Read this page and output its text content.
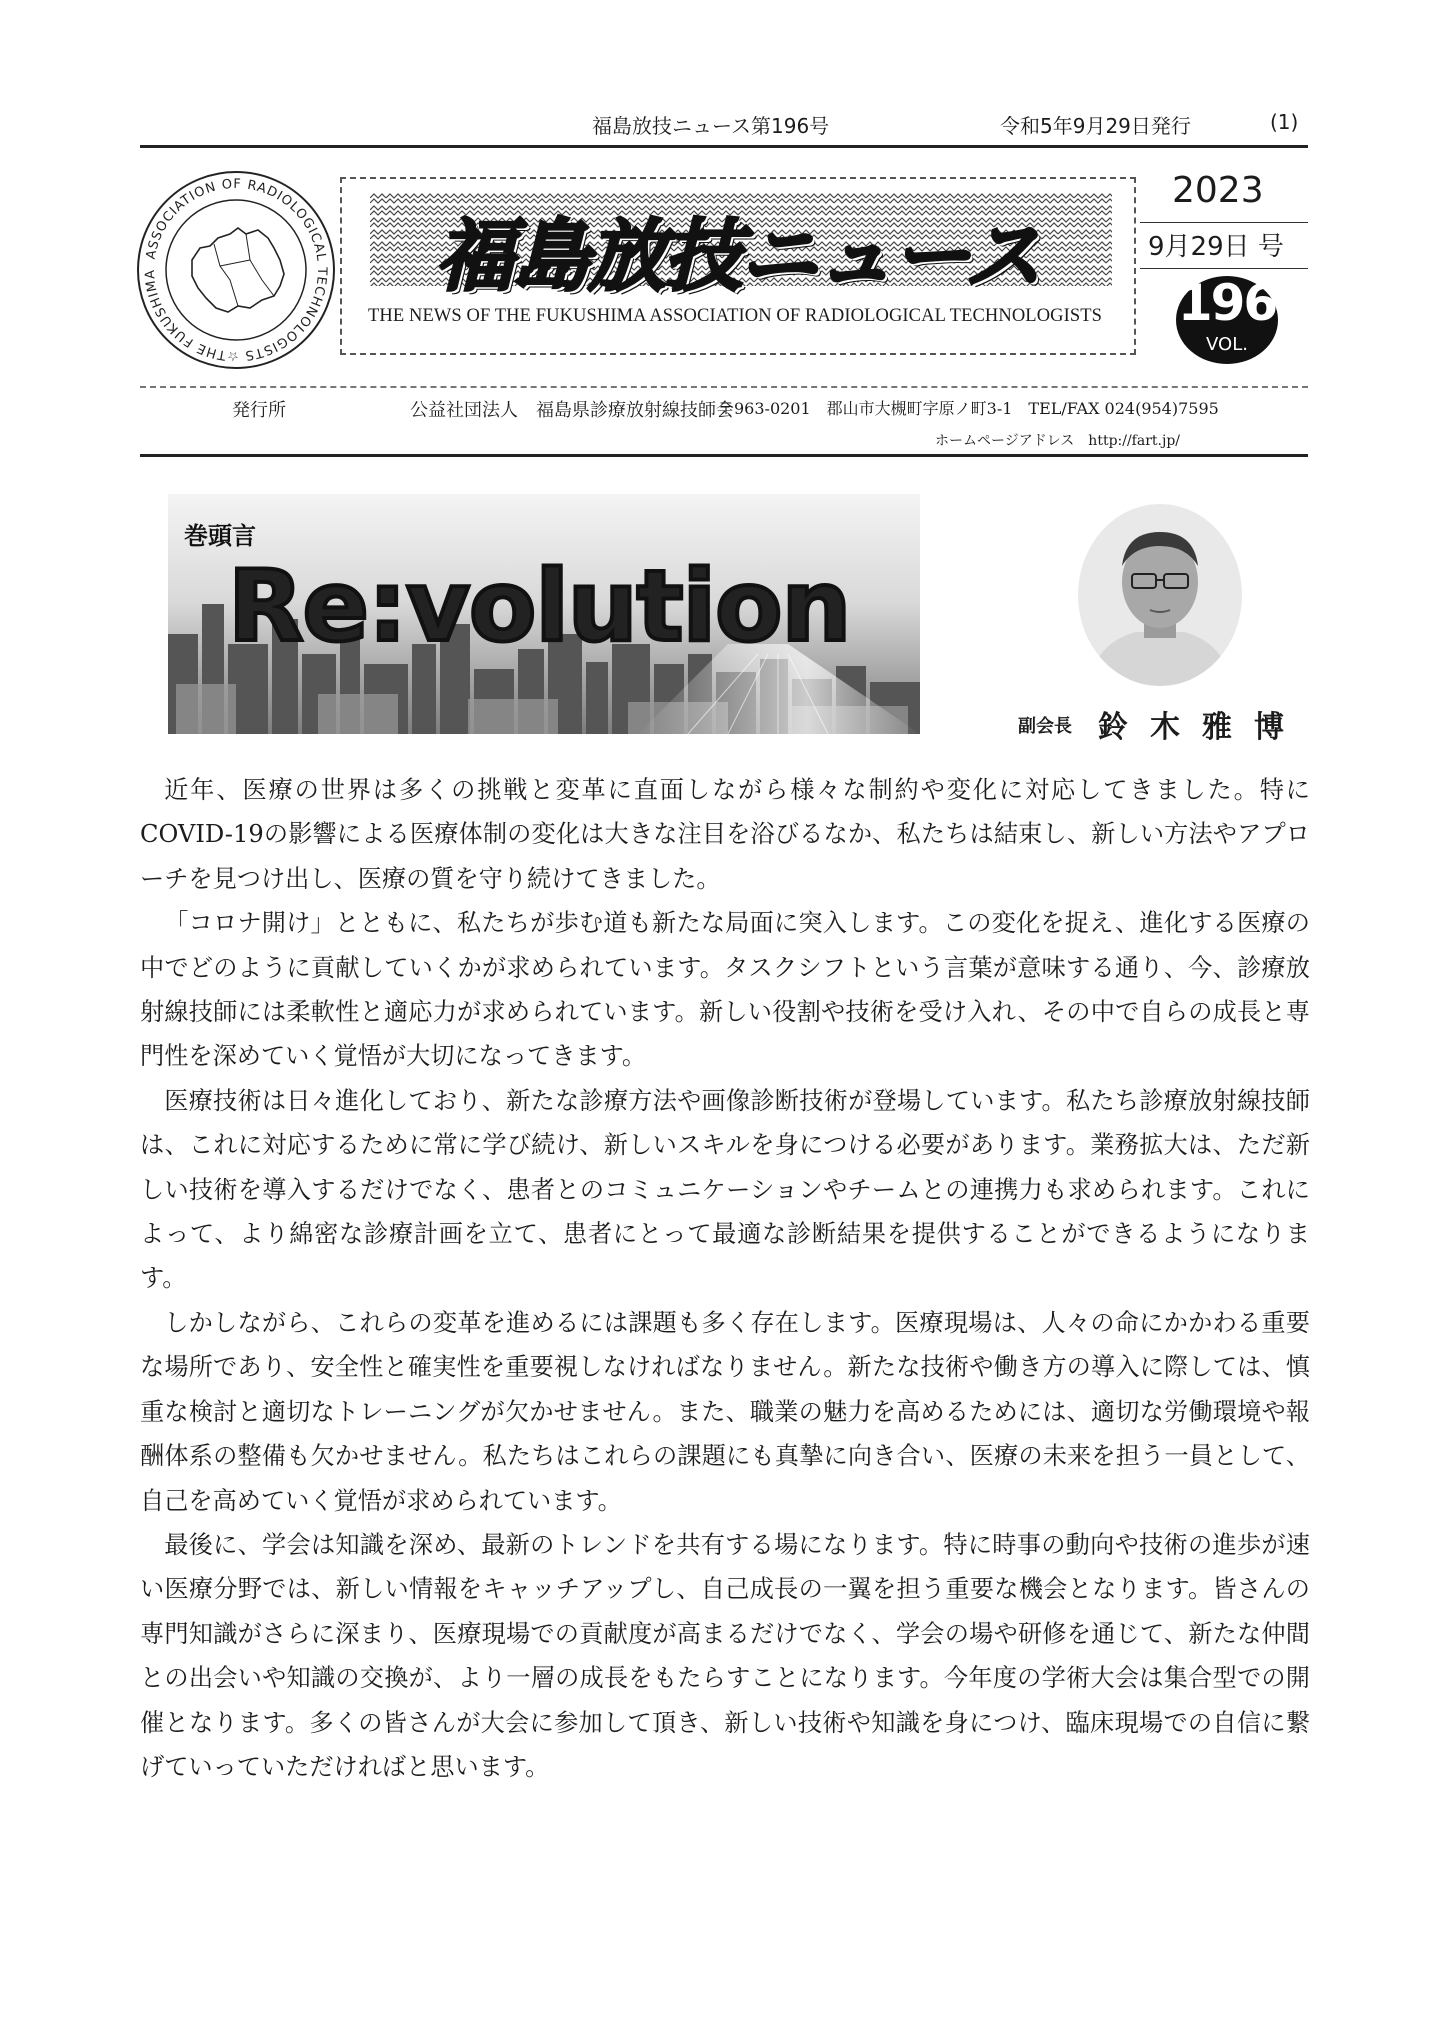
福島放技ニュース第196号	令和5年9月29日発行	(1)
ASSOCIATION OF RADIOLOGICAL TECHNOLOGISTS ☆THE FUKUSHIMA	福島放技ニュース
THE NEWS OF THE FUKUSHIMA ASSOCIATION OF RADIOLOGICAL TECHNOLOGISTS
2023
9月29日 号
196
VOL.
発行所	公益社団法人　福島県診療放射線技師会
〒963-0201　郡山市大槻町字原ノ町3-1　TEL/FAX 024(954)7595
ホームページアドレス　http://fart.jp/
巻頭言
Re:volution
副会長 鈴木雅博

近年、医療の世界は多くの挑戦と変革に直面しながら様々な制約や変化に対応してきました。特にCOVID-19の影響による医療体制の変化は大きな注目を浴びるなか、私たちは結束し、新しい方法やアプローチを見つけ出し、医療の質を守り続けてきました。

「コロナ開け」とともに、私たちが歩む道も新たな局面に突入します。この変化を捉え、進化する医療の中でどのように貢献していくかが求められています。タスクシフトという言葉が意味する通り、今、診療放射線技師には柔軟性と適応力が求められています。新しい役割や技術を受け入れ、その中で自らの成長と専門性を深めていく覚悟が大切になってきます。

医療技術は日々進化しており、新たな診療方法や画像診断技術が登場しています。私たち診療放射線技師は、これに対応するために常に学び続け、新しいスキルを身につける必要があります。業務拡大は、ただ新しい技術を導入するだけでなく、患者とのコミュニケーションやチームとの連携力も求められます。これによって、より綿密な診療計画を立て、患者にとって最適な診断結果を提供することができるようになります。

しかしながら、これらの変革を進めるには課題も多く存在します。医療現場は、人々の命にかかわる重要な場所であり、安全性と確実性を重要視しなければなりません。新たな技術や働き方の導入に際しては、慎重な検討と適切なトレーニングが欠かせません。また、職業の魅力を高めるためには、適切な労働環境や報酬体系の整備も欠かせません。私たちはこれらの課題にも真摯に向き合い、医療の未来を担う一員として、自己を高めていく覚悟が求められています。

最後に、学会は知識を深め、最新のトレンドを共有する場になります。特に時事の動向や技術の進歩が速い医療分野では、新しい情報をキャッチアップし、自己成長の一翼を担う重要な機会となります。皆さんの専門知識がさらに深まり、医療現場での貢献度が高まるだけでなく、学会の場や研修を通じて、新たな仲間との出会いや知識の交換が、より一層の成長をもたらすことになります。今年度の学術大会は集合型での開催となります。多くの皆さんが大会に参加して頂き、新しい技術や知識を身につけ、臨床現場での自信に繋げていっていただければと思います。
